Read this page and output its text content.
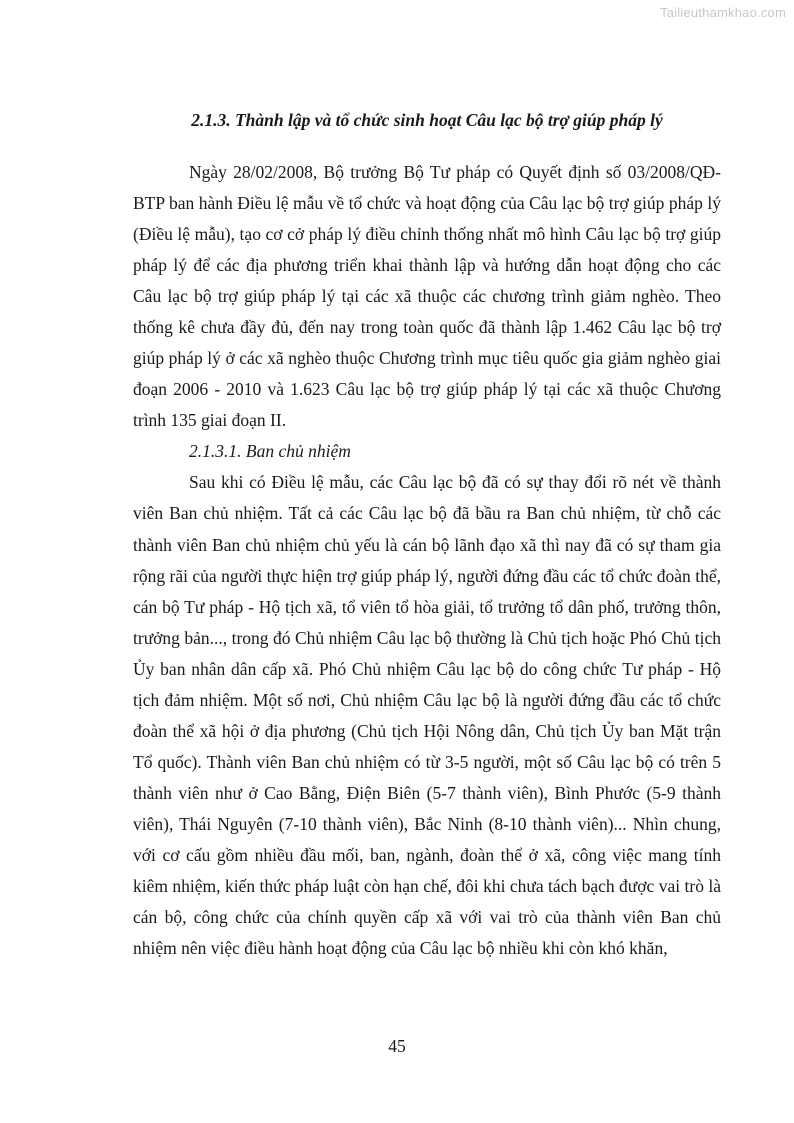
Tailieuthamkhao.com

2.1.3. Thành lập và tổ chức sinh hoạt Câu lạc bộ trợ giúp pháp lý

Ngày 28/02/2008, Bộ trưởng Bộ Tư pháp có Quyết định số 03/2008/QĐ-BTP ban hành Điều lệ mẫu về tổ chức và hoạt động của Câu lạc bộ trợ giúp pháp lý (Điều lệ mẫu), tạo cơ cở pháp lý điều chỉnh thống nhất mô hình Câu lạc bộ trợ giúp pháp lý để các địa phương triển khai thành lập và hướng dẫn hoạt động cho các Câu lạc bộ trợ giúp pháp lý tại các xã thuộc các chương trình giảm nghèo. Theo thống kê chưa đầy đủ, đến nay trong toàn quốc đã thành lập 1.462 Câu lạc bộ trợ giúp pháp lý ở các xã nghèo thuộc Chương trình mục tiêu quốc gia giảm nghèo giai đoạn 2006 - 2010 và 1.623 Câu lạc bộ trợ giúp pháp lý tại các xã thuộc Chương trình 135 giai đoạn II.

2.1.3.1. Ban chủ nhiệm

Sau khi có Điều lệ mẫu, các Câu lạc bộ đã có sự thay đổi rõ nét về thành viên Ban chủ nhiệm. Tất cả các Câu lạc bộ đã bầu ra Ban chủ nhiệm, từ chỗ các thành viên Ban chủ nhiệm chủ yếu là cán bộ lãnh đạo xã thì nay đã có sự tham gia rộng rãi của người thực hiện trợ giúp pháp lý, người đứng đầu các tổ chức đoàn thể, cán bộ Tư pháp - Hộ tịch xã, tổ viên tổ hòa giải, tổ trưởng tổ dân phố, trưởng thôn, trưởng bản..., trong đó Chủ nhiệm Câu lạc bộ thường là Chủ tịch hoặc Phó Chủ tịch Ủy ban nhân dân cấp xã. Phó Chủ nhiệm Câu lạc bộ do công chức Tư pháp - Hộ tịch đảm nhiệm. Một số nơi, Chủ nhiệm Câu lạc bộ là người đứng đầu các tổ chức đoàn thể xã hội ở địa phương (Chủ tịch Hội Nông dân, Chủ tịch Ủy ban Mặt trận Tổ quốc). Thành viên Ban chủ nhiệm có từ 3-5 người, một số Câu lạc bộ có trên 5 thành viên như ở Cao Bằng, Điện Biên (5-7 thành viên), Bình Phước (5-9 thành viên), Thái Nguyên (7-10 thành viên), Bắc Ninh (8-10 thành viên)... Nhìn chung, với cơ cấu gồm nhiều đầu mối, ban, ngành, đoàn thể ở xã, công việc mang tính kiêm nhiệm, kiến thức pháp luật còn hạn chế, đôi khi chưa tách bạch được vai trò là cán bộ, công chức của chính quyền cấp xã với vai trò của thành viên Ban chủ nhiệm nên việc điều hành hoạt động của Câu lạc bộ nhiều khi còn khó khăn,

45
